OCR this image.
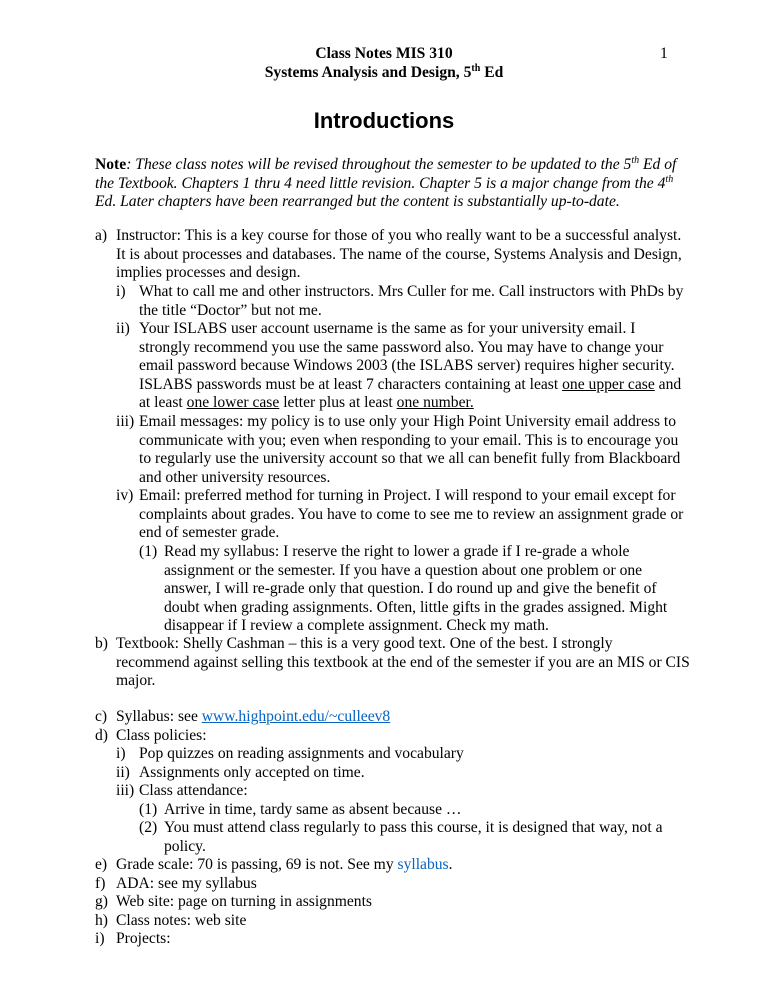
Class Notes MIS 310
Systems Analysis and Design, 5th Ed
1
Introductions
Note: These class notes will be revised throughout the semester to be updated to the 5th Ed of the Textbook. Chapters 1 thru 4 need little revision. Chapter 5 is a major change from the 4th Ed. Later chapters have been rearranged but the content is substantially up-to-date.
a) Instructor: This is a key course for those of you who really want to be a successful analyst. It is about processes and databases. The name of the course, Systems Analysis and Design, implies processes and design.
i) What to call me and other instructors. Mrs Culler for me. Call instructors with PhDs by the title “Doctor” but not me.
ii) Your ISLABS user account username is the same as for your university email. I strongly recommend you use the same password also. You may have to change your email password because Windows 2003 (the ISLABS server) requires higher security. ISLABS passwords must be at least 7 characters containing at least one upper case and at least one lower case letter plus at least one number.
iii) Email messages: my policy is to use only your High Point University email address to communicate with you; even when responding to your email. This is to encourage you to regularly use the university account so that we all can benefit fully from Blackboard and other university resources.
iv) Email: preferred method for turning in Project. I will respond to your email except for complaints about grades. You have to come to see me to review an assignment grade or end of semester grade.
(1) Read my syllabus: I reserve the right to lower a grade if I re-grade a whole assignment or the semester. If you have a question about one problem or one answer, I will re-grade only that question. I do round up and give the benefit of doubt when grading assignments. Often, little gifts in the grades assigned. Might disappear if I review a complete assignment. Check my math.
b) Textbook: Shelly Cashman – this is a very good text. One of the best. I strongly recommend against selling this textbook at the end of the semester if you are an MIS or CIS major.
c) Syllabus: see www.highpoint.edu/~culleev8
d) Class policies:
i) Pop quizzes on reading assignments and vocabulary
ii) Assignments only accepted on time.
iii) Class attendance:
(1) Arrive in time, tardy same as absent because …
(2) You must attend class regularly to pass this course, it is designed that way, not a policy.
e) Grade scale: 70 is passing, 69 is not. See my syllabus.
f) ADA: see my syllabus
g) Web site: page on turning in assignments
h) Class notes: web site
i) Projects:
